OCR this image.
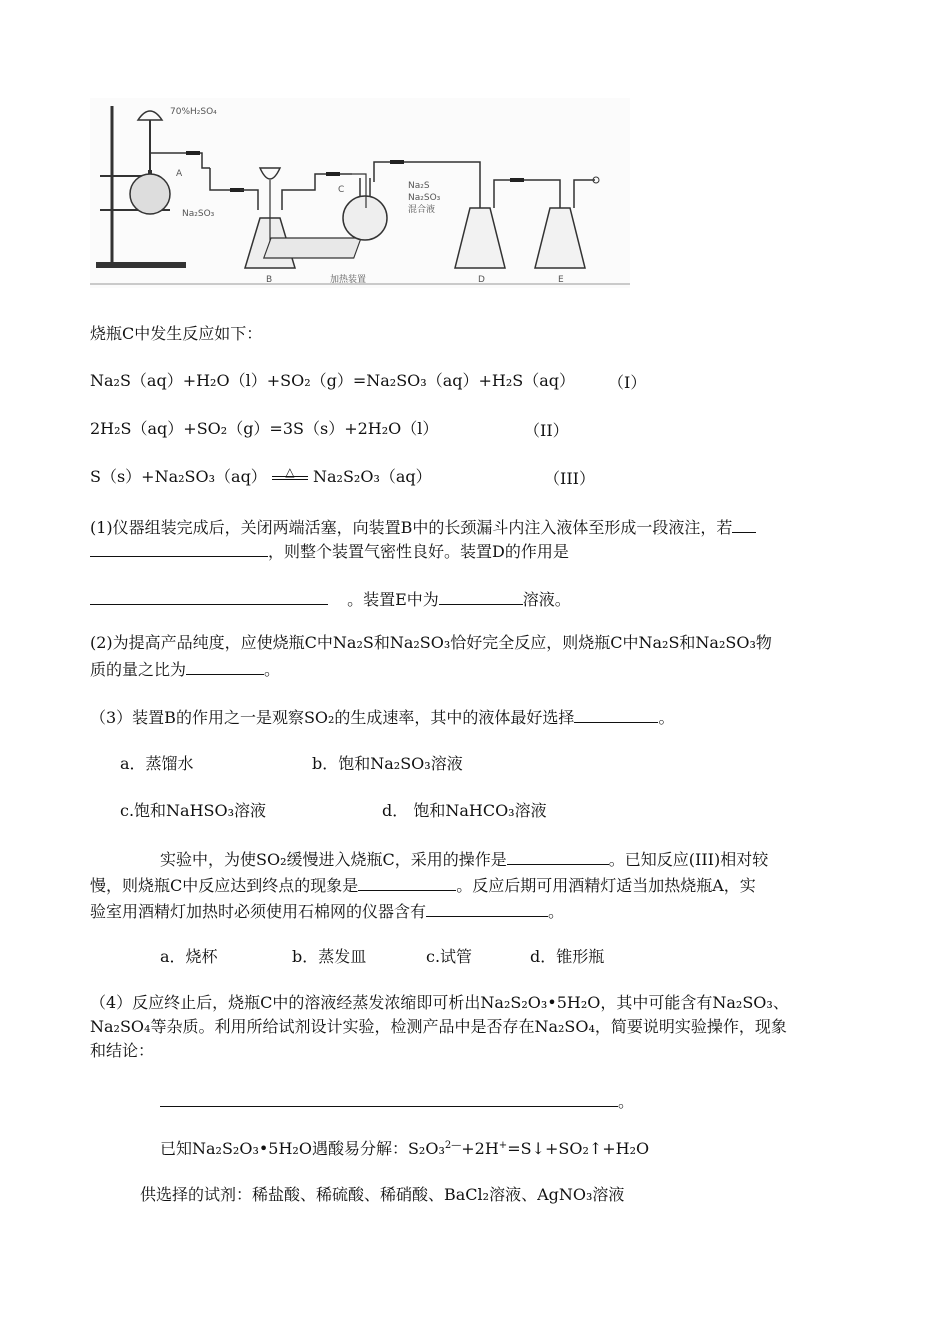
70%H₂SO₄
A
Na₂SO₃
C	Na₂S
Na₂SO₃
混合液
B	加热装置	D	E
烧瓶C中发生反应如下：
Na₂S（aq）+H₂O（l）+SO₂（g）=Na₂SO₃（aq）+H₂S（aq） （I）
2H₂S（aq）+SO₂（g）=3S（s）+2H₂O（l）	（II）
S（s）+Na₂SO₃（aq）	△	Na₂S₂O₃（aq）	（III）
(1)仪器组装完成后，关闭两端活塞，向装置B中的长颈漏斗内注入液体至形成一段液注，若
，则整个装置气密性良好。装置D的作用是
。装置E中为	溶液。
(2)为提高产品纯度，应使烧瓶C中Na₂S和Na₂SO₃恰好完全反应，则烧瓶C中Na₂S和Na₂SO₃物
质的量之比为	。
（3）装置B的作用之一是观察SO₂的生成速率，其中的液体最好选择	。
a．蒸馏水	b．饱和Na₂SO₃溶液
c.饱和NaHSO₃溶液	d． 饱和NaHCO₃溶液
实验中，为使SO₂缓慢进入烧瓶C，采用的操作是	。已知反应(III)相对较
慢，则烧瓶C中反应达到终点的现象是	。反应后期可用酒精灯适当加热烧瓶A，实
验室用酒精灯加热时必须使用石棉网的仪器含有	。
a．烧杯	b．蒸发皿	c.试管	d．锥形瓶
（4）反应终止后，烧瓶C中的溶液经蒸发浓缩即可析出Na₂S₂O₃•5H₂O，其中可能含有Na₂SO₃、
Na₂SO₄等杂质。利用所给试剂设计实验，检测产品中是否存在Na₂SO₄，简要说明实验操作，现象
和结论：
。
已知Na₂S₂O₃•5H₂O遇酸易分解：S₂O₃$^{2—}$+2H+=S↓+SO₂↑+H₂O
供选择的试剂：稀盐酸、稀硫酸、稀硝酸、BaCl₂溶液、AgNO₃溶液
